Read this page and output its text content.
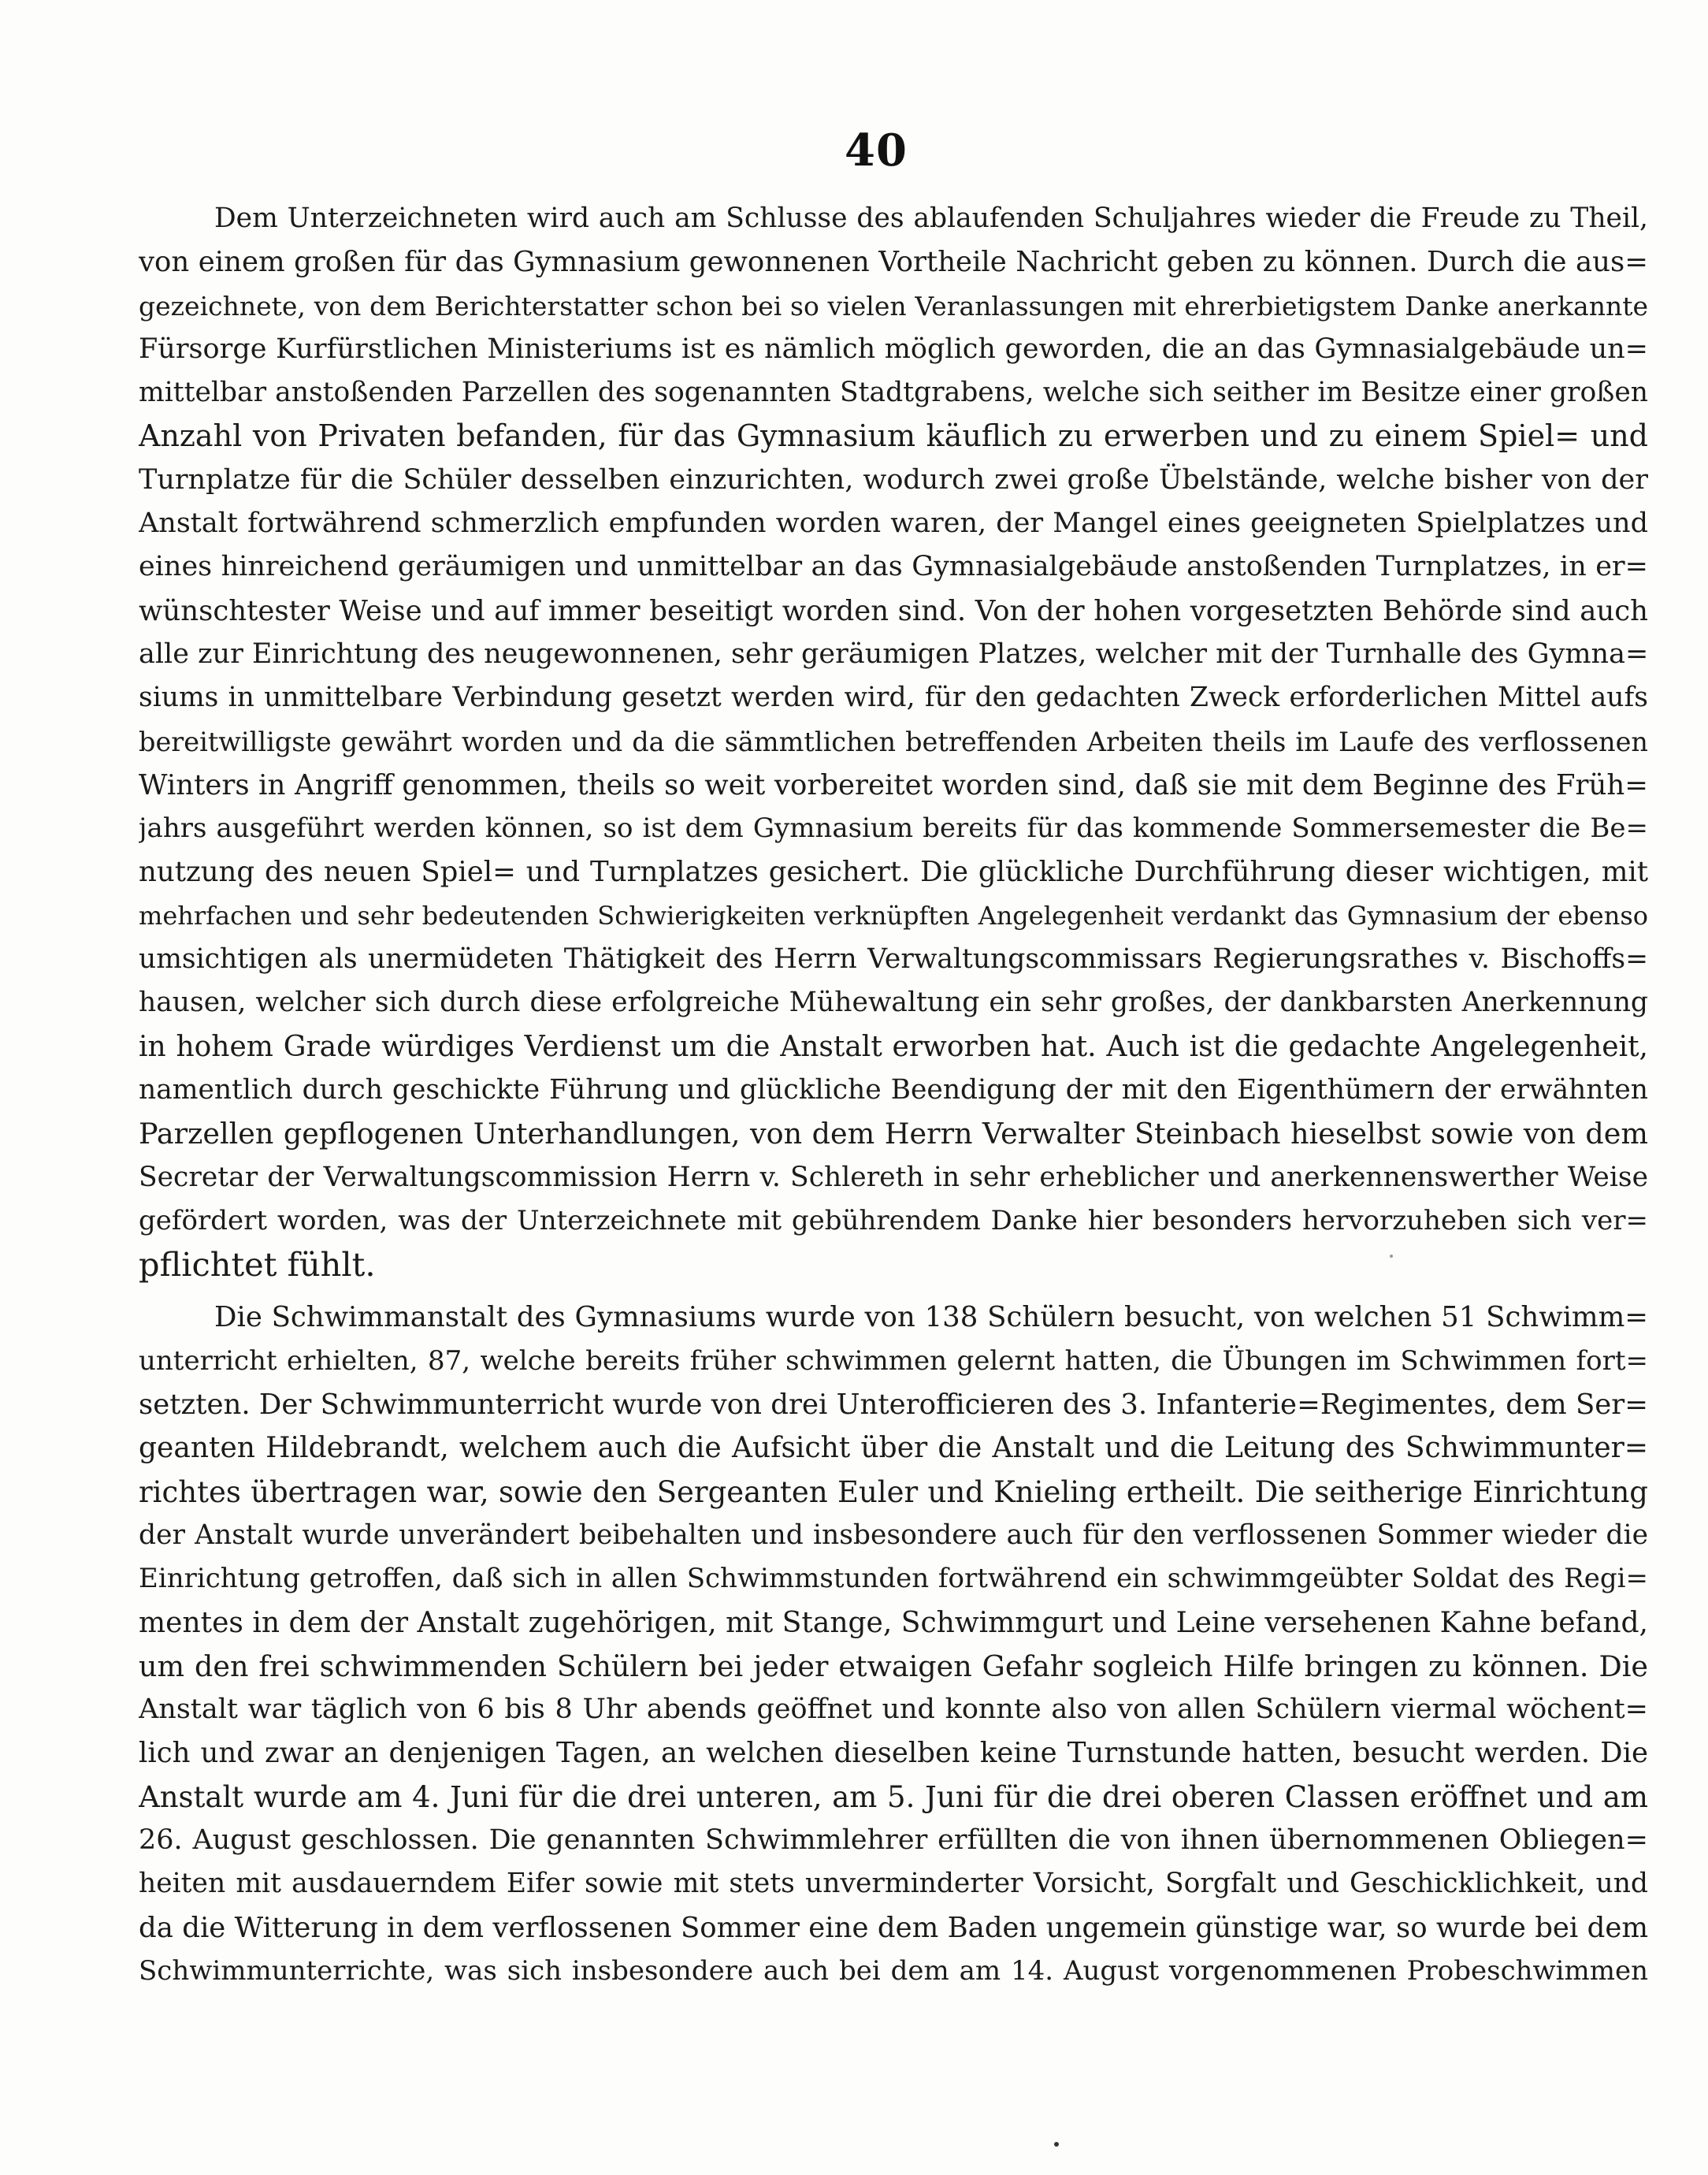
40
Dem Unterzeichneten wird auch am Schlusse des ablaufenden Schuljahres wieder die Freude zu Theil,
von einem großen für das Gymnasium gewonnenen Vortheile Nachricht geben zu können. Durch die aus=
gezeichnete, von dem Berichterstatter schon bei so vielen Veranlassungen mit ehrerbietigstem Danke anerkannte
Fürsorge Kurfürstlichen Ministeriums ist es nämlich möglich geworden, die an das Gymnasialgebäude un=
mittelbar anstoßenden Parzellen des sogenannten Stadtgrabens, welche sich seither im Besitze einer großen
Anzahl von Privaten befanden, für das Gymnasium käuflich zu erwerben und zu einem Spiel= und
Turnplatze für die Schüler desselben einzurichten, wodurch zwei große Übelstände, welche bisher von der
Anstalt fortwährend schmerzlich empfunden worden waren, der Mangel eines geeigneten Spielplatzes und
eines hinreichend geräumigen und unmittelbar an das Gymnasialgebäude anstoßenden Turnplatzes, in er=
wünschtester Weise und auf immer beseitigt worden sind. Von der hohen vorgesetzten Behörde sind auch
alle zur Einrichtung des neugewonnenen, sehr geräumigen Platzes, welcher mit der Turnhalle des Gymna=
siums in unmittelbare Verbindung gesetzt werden wird, für den gedachten Zweck erforderlichen Mittel aufs
bereitwilligste gewährt worden und da die sämmtlichen betreffenden Arbeiten theils im Laufe des verflossenen
Winters in Angriff genommen, theils so weit vorbereitet worden sind, daß sie mit dem Beginne des Früh=
jahrs ausgeführt werden können, so ist dem Gymnasium bereits für das kommende Sommersemester die Be=
nutzung des neuen Spiel= und Turnplatzes gesichert. Die glückliche Durchführung dieser wichtigen, mit
mehrfachen und sehr bedeutenden Schwierigkeiten verknüpften Angelegenheit verdankt das Gymnasium der ebenso
umsichtigen als unermüdeten Thätigkeit des Herrn Verwaltungscommissars Regierungsrathes v. Bischoffs=
hausen, welcher sich durch diese erfolgreiche Mühewaltung ein sehr großes, der dankbarsten Anerkennung
in hohem Grade würdiges Verdienst um die Anstalt erworben hat. Auch ist die gedachte Angelegenheit,
namentlich durch geschickte Führung und glückliche Beendigung der mit den Eigenthümern der erwähnten
Parzellen gepflogenen Unterhandlungen, von dem Herrn Verwalter Steinbach hieselbst sowie von dem
Secretar der Verwaltungscommission Herrn v. Schlereth in sehr erheblicher und anerkennenswerther Weise
gefördert worden, was der Unterzeichnete mit gebührendem Danke hier besonders hervorzuheben sich ver=
pflichtet fühlt.
Die Schwimmanstalt des Gymnasiums wurde von 138 Schülern besucht, von welchen 51 Schwimm=
unterricht erhielten, 87, welche bereits früher schwimmen gelernt hatten, die Übungen im Schwimmen fort=
setzten. Der Schwimmunterricht wurde von drei Unterofficieren des 3. Infanterie=Regimentes, dem Ser=
geanten Hildebrandt, welchem auch die Aufsicht über die Anstalt und die Leitung des Schwimmunter=
richtes übertragen war, sowie den Sergeanten Euler und Knieling ertheilt. Die seitherige Einrichtung
der Anstalt wurde unverändert beibehalten und insbesondere auch für den verflossenen Sommer wieder die
Einrichtung getroffen, daß sich in allen Schwimmstunden fortwährend ein schwimmgeübter Soldat des Regi=
mentes in dem der Anstalt zugehörigen, mit Stange, Schwimmgurt und Leine versehenen Kahne befand,
um den frei schwimmenden Schülern bei jeder etwaigen Gefahr sogleich Hilfe bringen zu können. Die
Anstalt war täglich von 6 bis 8 Uhr abends geöffnet und konnte also von allen Schülern viermal wöchent=
lich und zwar an denjenigen Tagen, an welchen dieselben keine Turnstunde hatten, besucht werden. Die
Anstalt wurde am 4. Juni für die drei unteren, am 5. Juni für die drei oberen Classen eröffnet und am
26. August geschlossen. Die genannten Schwimmlehrer erfüllten die von ihnen übernommenen Obliegen=
heiten mit ausdauerndem Eifer sowie mit stets unverminderter Vorsicht, Sorgfalt und Geschicklichkeit, und
da die Witterung in dem verflossenen Sommer eine dem Baden ungemein günstige war, so wurde bei dem
Schwimmunterrichte, was sich insbesondere auch bei dem am 14. August vorgenommenen Probeschwimmen
